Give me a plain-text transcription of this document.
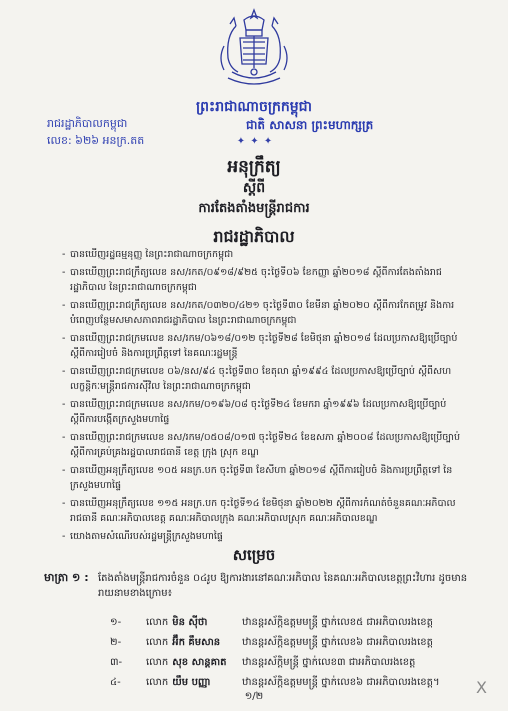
ព្រះរាជាណាចក្រកម្ពុជា
ជាតិ សាសនា ព្រះមហាក្សត្រ
✦ ✦ ✦
រាជរដ្ឋាភិបាលកម្ពុជា
លេខ: ៦២៦ អនក្រ.តត
អនុក្រឹត្យ
ស្តីពី
ការតែងតាំងមន្ត្រីរាជការ
រាជរដ្ឋាភិបាល
- បានឃើញរដ្ឋធម្មនុញ្ញ នៃព្រះរាជាណាចក្រកម្ពុជា
- បានឃើញព្រះរាជក្រឹត្យលេខ នស/រកត/០៩១៨/៩២៥ ចុះថ្ងៃទី០៦ ខែកញ្ញា ឆ្នាំ២០១៨ ស្តីពីការតែងតាំងរាជរដ្ឋាភិបាល នៃព្រះរាជាណាចក្រកម្ពុជា
- បានឃើញព្រះរាជក្រឹត្យលេខ នស/រកត/០៣២០/៤២១ ចុះថ្ងៃទី៣០ ខែមីនា ឆ្នាំ២០២០ ស្តីពីការកែតម្រូវ និងការបំពេញបន្ថែមសមាសភាពរាជរដ្ឋាភិបាល នៃព្រះរាជាណាចក្រកម្ពុជា
- បានឃើញព្រះរាជក្រមលេខ នស/រកម/០៦១៨/០១២ ចុះថ្ងៃទី២៨ ខែមិថុនា ឆ្នាំ២០១៨ ដែលប្រកាសឱ្យប្រើច្បាប់ស្តីពីការរៀបចំ និងការប្រព្រឹត្តទៅ នៃគណៈរដ្ឋមន្ត្រី
- បានឃើញព្រះរាជក្រមលេខ ០៦/នស/៩៤ ចុះថ្ងៃទី៣០ ខែតុលា ឆ្នាំ១៩៩៤ ដែលប្រកាសឱ្យប្រើច្បាប់ ស្តីពីសហលក្ខន្តិកៈមន្ត្រីរាជការស៊ីវិល នៃព្រះរាជាណាចក្រកម្ពុជា
- បានឃើញព្រះរាជក្រមលេខ នស/រកម/០១៩៦/០៨ ចុះថ្ងៃទី២៤ ខែមករា ឆ្នាំ១៩៩៦ ដែលប្រកាសឱ្យប្រើច្បាប់ ស្តីពីការបង្កើតក្រសួងមហាផ្ទៃ
- បានឃើញព្រះរាជក្រមលេខ នស/រកម/០៥០៨/០១៧ ចុះថ្ងៃទី២៤ ខែឧសភា ឆ្នាំ២០០៨ ដែលប្រកាសឱ្យប្រើច្បាប់ ស្តីពីការគ្រប់គ្រងរដ្ឋបាលរាជធានី ខេត្ត ក្រុង ស្រុក ខណ្ឌ
- បានឃើញអនុក្រឹត្យលេខ ១០៥ អនក្រ.បក ចុះថ្ងៃទី៣ ខែសីហា ឆ្នាំ២០១៨ ស្តីពីការរៀបចំ និងការប្រព្រឹត្តទៅ នៃក្រសួងមហាផ្ទៃ
- បានឃើញអនុក្រឹត្យលេខ ១១៥ អនក្រ.បក ចុះថ្ងៃទី១៤ ខែមិថុនា ឆ្នាំ២០២២ ស្តីពីការកំណត់ចំនួនគណៈអភិបាលរាជធានី គណៈអភិបាលខេត្ត គណៈអភិបាលក្រុង គណៈអភិបាលស្រុក គណៈអភិបាលខណ្ឌ
- យោងតាមសំណើរបស់រដ្ឋមន្ត្រីក្រសួងមហាផ្ទៃ
សម្រេច
មាត្រា ១ : តែងតាំងមន្ត្រីរាជការចំនួន ០៤រូប ឱ្យការងារនៅគណៈអភិបាល នៃគណៈអភិបាលខេត្តព្រះវិហារ ដូចមានរាយនាមខាងក្រោម៖
១-	លោក មិន ស៊ីថា	ឋានន្តរស័ក្តិឧត្តមមន្ត្រី ថ្នាក់លេខ៥ ជាអភិបាលរងខេត្ត
២-	លោក អ៊ឹក គឹមសាន	ឋានន្តរស័ក្តិឧត្តមមន្ត្រី ថ្នាក់លេខ៦ ជាអភិបាលរងខេត្ត
៣-	លោក សុខ សាន្តគាត	ឋានន្តរស័ក្តិមន្ត្រី ថ្នាក់លេខ៣ ជាអភិបាលរងខេត្ត
៤-	លោក យឹម បញ្ញា	ឋានន្តរស័ក្តិឧត្តមមន្ត្រី ថ្នាក់លេខ៦ ជាអភិបាលរងខេត្ត។
១/២	X
